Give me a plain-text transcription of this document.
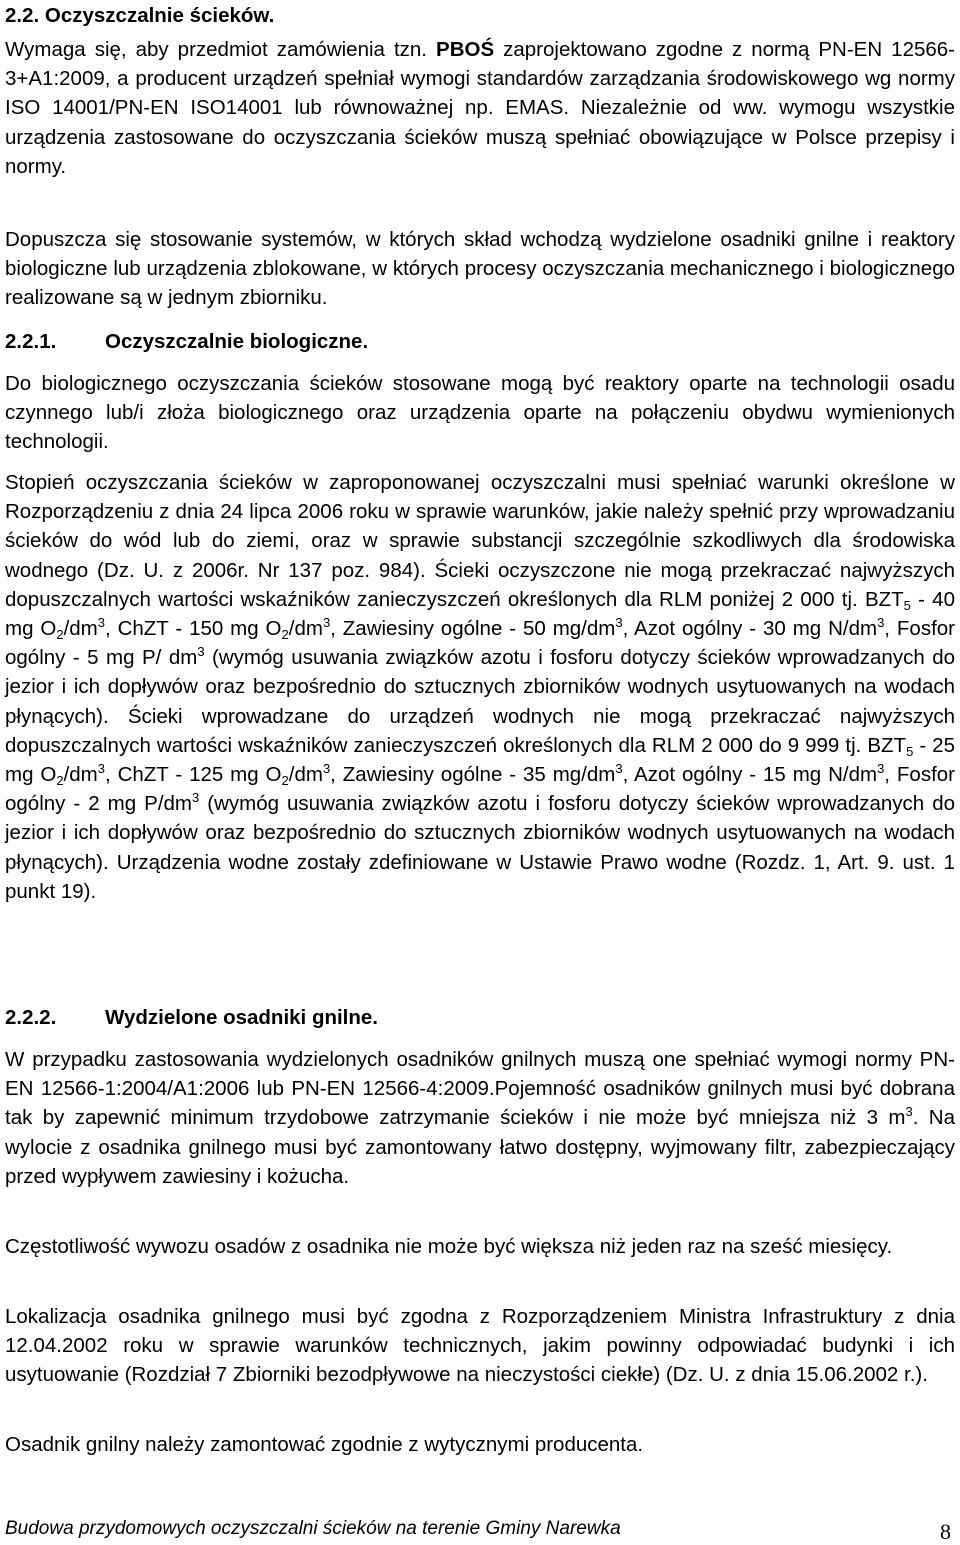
2.2. Oczyszczalnie ścieków.

Wymaga się, aby przedmiot zamówienia tzn. PBOŚ zaprojektowano zgodne z normą PN-EN 12566-3+A1:2009, a producent urządzeń spełniał wymogi standardów zarządzania środowiskowego wg normy ISO 14001/PN-EN ISO14001 lub równoważnej np. EMAS. Niezależnie od ww. wymogu wszystkie urządzenia zastosowane do oczyszczania ścieków muszą spełniać obowiązujące w Polsce przepisy i normy.

Dopuszcza się stosowanie systemów, w których skład wchodzą wydzielone osadniki gnilne i reaktory biologiczne lub urządzenia zblokowane, w których procesy oczyszczania mechanicznego i biologicznego realizowane są w jednym zbiorniku.

2.2.1. Oczyszczalnie biologiczne.

Do biologicznego oczyszczania ścieków stosowane mogą być reaktory oparte na technologii osadu czynnego lub/i złoża biologicznego oraz urządzenia oparte na połączeniu obydwu wymienionych technologii.

Stopień oczyszczania ścieków w zaproponowanej oczyszczalni musi spełniać warunki określone w Rozporządzeniu z dnia 24 lipca 2006 roku w sprawie warunków, jakie należy spełnić przy wprowadzaniu ścieków do wód lub do ziemi, oraz w sprawie substancji szczególnie szkodliwych dla środowiska wodnego (Dz. U. z 2006r. Nr 137 poz. 984). Ścieki oczyszczone nie mogą przekraczać najwyższych dopuszczalnych wartości wskaźników zanieczyszczeń określonych dla RLM poniżej 2 000 tj. $BZT_5 - 40$ mg $O_2/dm^3$, ChZT - 150 mg $O_2/dm^3$, Zawiesiny ogólne - 50 $mg/dm^3$, Azot ogólny - 30 mg $N/dm^3$, Fosfor ogólny - 5 mg P/ $dm^3$ (wymóg usuwania związków azotu i fosforu dotyczy ścieków wprowadzanych do jezior i ich dopływów oraz bezpośrednio do sztucznych zbiorników wodnych usytuowanych na wodach płynących). Ścieki wprowadzane do urządzeń wodnych nie mogą przekraczać najwyższych dopuszczalnych wartości wskaźników zanieczyszczeń określonych dla RLM 2 000 do 9 999 tj. $BZT_5 - 25$ mg $O_2/dm^3$, ChZT - 125 mg $O_2/dm^3$, Zawiesiny ogólne - 35 $mg/dm^3$, Azot ogólny - 15 mg $N/dm^3$, Fosfor ogólny - 2 mg $P/dm^3$ (wymóg usuwania związków azotu i fosforu dotyczy ścieków wprowadzanych do jezior i ich dopływów oraz bezpośrednio do sztucznych zbiorników wodnych usytuowanych na wodach płynących). Urządzenia wodne zostały zdefiniowane w Ustawie Prawo wodne (Rozdz. 1, Art. 9. ust. 1 punkt 19).

2.2.2. Wydzielone osadniki gnilne.

W przypadku zastosowania wydzielonych osadników gnilnych muszą one spełniać wymogi normy PN-EN 12566-1:2004/A1:2006 lub PN-EN 12566-4:2009.Pojemność osadników gnilnych musi być dobrana tak by zapewnić minimum trzydobowe zatrzymanie ścieków i nie może być mniejsza niż 3 $m^3$. Na wylocie z osadnika gnilnego musi być zamontowany łatwo dostępny, wyjmowany filtr, zabezpieczający przed wypływem zawiesiny i kożucha.

Częstotliwość wywozu osadów z osadnika nie może być większa niż jeden raz na sześć miesięcy.

Lokalizacja osadnika gnilnego musi być zgodna z Rozporządzeniem Ministra Infrastruktury z dnia 12.04.2002 roku w sprawie warunków technicznych, jakim powinny odpowiadać budynki i ich usytuowanie (Rozdział 7 Zbiorniki bezodpływowe na nieczystości ciekłe) (Dz. U. z dnia 15.06.2002 r.).

Osadnik gnilny należy zamontować zgodnie z wytycznymi producenta.

Budowa przydomowych oczyszczalni ścieków na terenie Gminy Narewka	8
